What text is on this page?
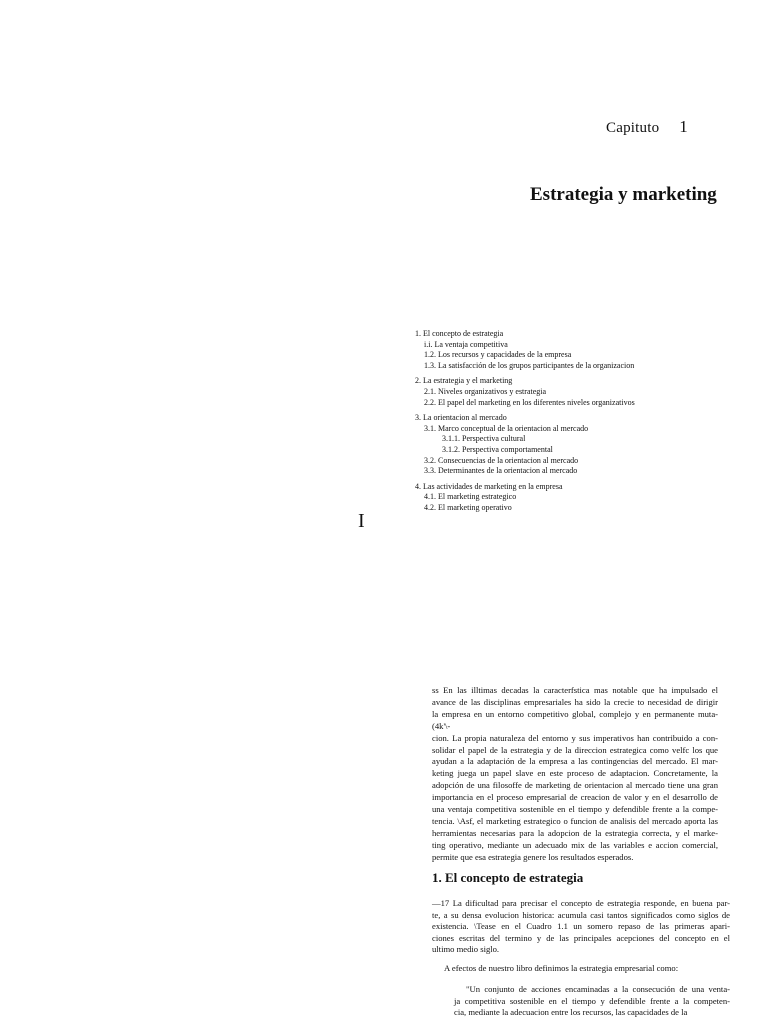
Capituto 1
Estrategia y marketing
1. El concepto de estrategia
i.i. La ventaja competitiva
1.2. Los recursos y capacidades de la empresa
1.3. La satisfacción de los grupos participantes de la organizacion
2. La estrategia y el marketing
2.1. Niveles organizativos y estrategia
2.2. El papel del marketing en los diferentes niveles organizativos
3. La orientacion al mercado
3.1. Marco conceptual de la orientacion al mercado
3.1.1. Perspectiva cultural
3.1.2. Perspectiva comportamental
3.2. Consecuencias de la orientacion al mercado
3.3. Determinantes de la orientacion al mercado
4. Las actividades de marketing en la empresa
4.1. El marketing estrategico
4.2. El marketing operativo
I
ss En las illtimas decadas la caracterfstica mas notable que ha impulsado el
avance de las disciplinas empresariales ha sido la crecie to necesidad de dirigir
la empresa en un entorno competitivo global, complejo y en permanente muta- (4k'\-
cion. La propia naturaleza del entorno y sus imperativos han contribuido a con-
solidar el papel de la estrategia y de la direccion estrategica como velfc los que
ayudan a la adaptación de la empresa a las contingencias del mercado. El mar-
keting juega un papel slave en este proceso de adaptacion. Concretamente, la
adopción de una filosoffe de marketing de orientacion al mercado tiene una gran
importancia en el proceso empresarial de creacion de valor y en el desarrollo de
una ventaja competitiva sostenible en el tiempo y defendible frente a la compe-
tencia. \Asf, el marketing estrategico o funcion de analisis del mercado aporta las
herramientas necesarias para la adopcion de la estrategia correcta, y el marke-
ting operativo, mediante un adecuado mix de las variables e accion comercial,
permite que esa estrategia genere los resultados esperados.
1. El concepto de estrategia
—17 La dificultad para precisar el concepto de estrategia responde, en buena par-
te, a su densa evolucion historica: acumula casi tantos significados como siglos de
existencia. \Tease en el Cuadro 1.1 un somero repaso de las primeras apari-
ciones escritas del termino y de las principales acepciones del concepto en el
ultimo medio siglo.
A efectos de nuestro libro definimos la estrategia empresarial como:
"Un conjunto de acciones encaminadas a la consecución de una venta-
ja competitiva sostenible en el tiempo y defendible frente a la competen-
cia, mediante la adecuacion entre los recursos, las capacidades de la
